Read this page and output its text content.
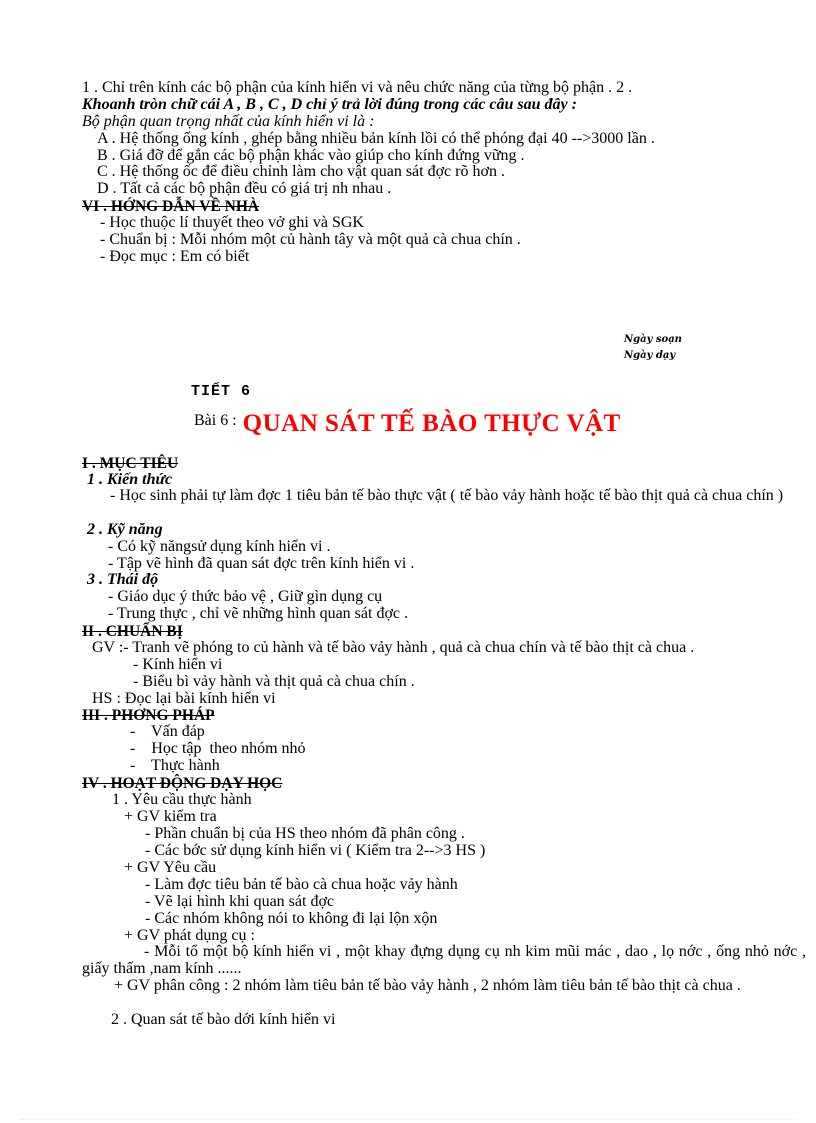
1 . Chỉ trên kính các bộ phận của kính hiển vi và nêu chức năng của từng bộ phận . 2 .
Khoanh tròn chữ cái A , B , C , D chỉ ý trả lời đúng trong các câu sau đây :
Bộ phận quan trọng nhất của kính hiển vi là :
A . Hệ thống ống kính , ghép bằng nhiều bản kính lồi có thể phóng đại 40 -->3000 lần .
B . Giá đỡ để gắn các bộ phận khác vào giúp cho kính đứng vững .
C . Hệ thống ốc để điều chỉnh làm cho vật quan sát đợc rõ hơn .
D . Tất cả các bộ phận đều có giá trị nh nhau .
VI . HỚNG DẪN VỀ NHÀ
- Học thuộc lí thuyết theo vở ghi và SGK
- Chuẩn bị : Mỗi nhóm một củ hành tây và một quả cà chua chín .
- Đọc mục : Em có biết
Ngày soạn
Ngày dạy
TIẾT 6
Bài 6 : QUAN SÁT TẾ BÀO THỰC VẬT
I . MỤC TIÊU
1 . Kiến thức
- Học sinh phải tự làm đợc 1 tiêu bản tế bào thực vật ( tế bào vảy hành hoặc tế bào thịt quả cà chua chín )
2 . Kỹ năng
- Có kỹ năngsử dụng kính hiển vi .
- Tập vẽ hình đã quan sát đợc trên kính hiển vi .
3 . Thái độ
- Giáo dục ý thức bảo vệ , Giữ gìn dụng cụ
- Trung thực , chỉ vẽ những hình quan sát đợc .
II . CHUẨN BỊ
GV :- Tranh vẽ phóng to củ hành và tế bào vảy hành , quả cà chua chín và tế bào thịt cà chua .
- Kính hiển vi
- Biểu bì vảy hành và thịt quả cà chua chín .
HS : Đọc lại bài kính hiển vi
III . PHƠNG PHÁP
-    Vấn đáp
-    Học tập  theo nhóm nhỏ
-    Thực hành
IV . HOẠT ĐỘNG DẠY HỌC
1 . Yêu cầu thực hành
+ GV kiểm tra
- Phần chuẩn bị của HS theo nhóm đã phân công .
- Các bớc sử dụng kính hiển vi ( Kiểm tra 2-->3 HS )
+ GV Yêu cầu
- Làm đợc tiêu bản tế bào cà chua hoặc vảy hành
- Vẽ lại hình khi quan sát đợc
- Các nhóm không nói to không đi lại lộn xộn
+ GV phát dụng cụ :
- Mỗi tổ một bộ kính hiển vi , một khay đựng dụng cụ nh kim mũi mác , dao , lọ nớc , ống nhỏ nớc , giấy thấm ,nam kính ......
+ GV phân công : 2 nhóm làm tiêu bản tế bào vảy hành , 2 nhóm làm tiêu bản tế bào thịt cà chua .
2 . Quan sát tế bào dới kính hiển vi
